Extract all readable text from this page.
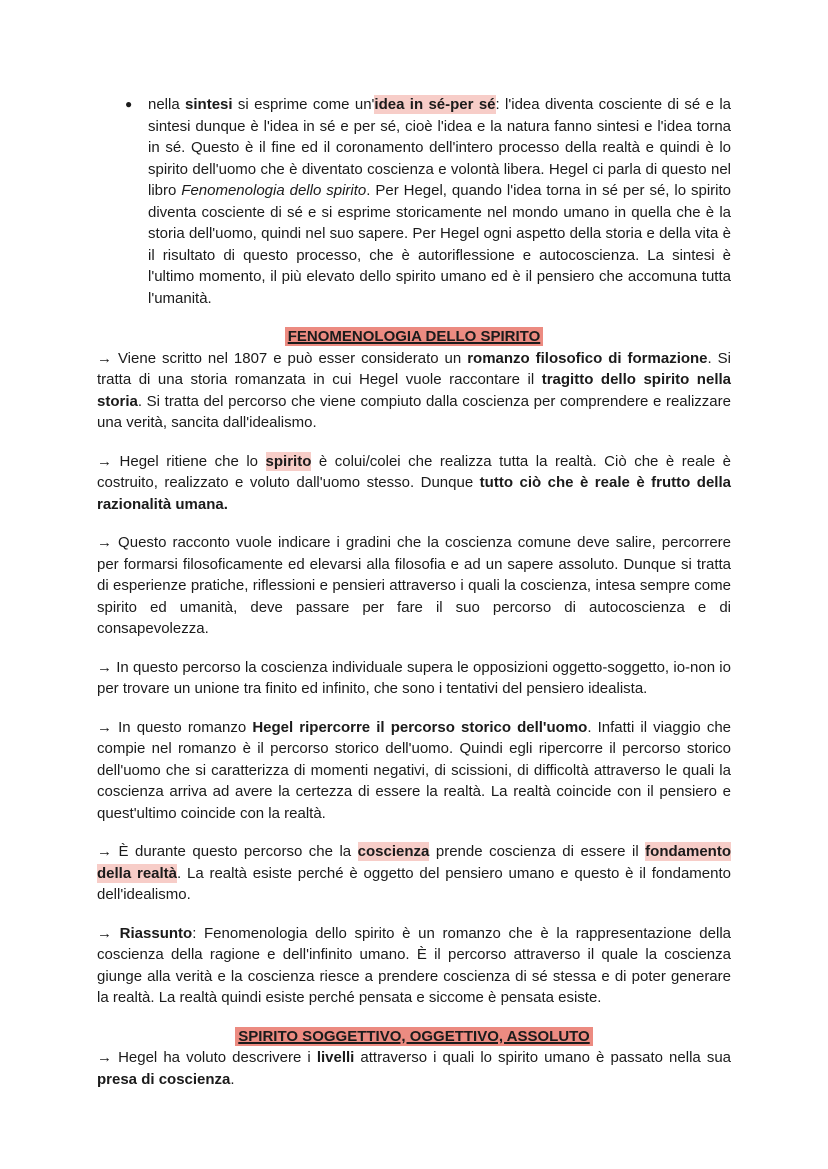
● nella sintesi si esprime come un'idea in sé-per sé: l'idea diventa cosciente di sé e la sintesi dunque è l'idea in sé e per sé, cioè l'idea e la natura fanno sintesi e l'idea torna in sé. Questo è il fine ed il coronamento dell'intero processo della realtà e quindi è lo spirito dell'uomo che è diventato coscienza e volontà libera. Hegel ci parla di questo nel libro Fenomenologia dello spirito. Per Hegel, quando l'idea torna in sé per sé, lo spirito diventa cosciente di sé e si esprime storicamente nel mondo umano in quella che è la storia dell'uomo, quindi nel suo sapere. Per Hegel ogni aspetto della storia e della vita è il risultato di questo processo, che è autoriflessione e autocoscienza. La sintesi è l'ultimo momento, il più elevato dello spirito umano ed è il pensiero che accomuna tutta l'umanità.
FENOMENOLOGIA DELLO SPIRITO
→ Viene scritto nel 1807 e può esser considerato un romanzo filosofico di formazione. Si tratta di una storia romanzata in cui Hegel vuole raccontare il tragitto dello spirito nella storia. Si tratta del percorso che viene compiuto dalla coscienza per comprendere e realizzare una verità, sancita dall'idealismo.
→ Hegel ritiene che lo spirito è colui/colei che realizza tutta la realtà. Ciò che è reale è costruito, realizzato e voluto dall'uomo stesso. Dunque tutto ciò che è reale è frutto della razionalità umana.
→ Questo racconto vuole indicare i gradini che la coscienza comune deve salire, percorrere per formarsi filosoficamente ed elevarsi alla filosofia e ad un sapere assoluto. Dunque si tratta di esperienze pratiche, riflessioni e pensieri attraverso i quali la coscienza, intesa sempre come spirito ed umanità, deve passare per fare il suo percorso di autocoscienza e di consapevolezza.
→ In questo percorso la coscienza individuale supera le opposizioni oggetto-soggetto, io-non io per trovare un unione tra finito ed infinito, che sono i tentativi del pensiero idealista.
→ In questo romanzo Hegel ripercorre il percorso storico dell'uomo. Infatti il viaggio che compie nel romanzo è il percorso storico dell'uomo. Quindi egli ripercorre il percorso storico dell'uomo che si caratterizza di momenti negativi, di scissioni, di difficoltà attraverso le quali la coscienza arriva ad avere la certezza di essere la realtà. La realtà coincide con il pensiero e quest'ultimo coincide con la realtà.
→ È durante questo percorso che la coscienza prende coscienza di essere il fondamento della realtà. La realtà esiste perché è oggetto del pensiero umano e questo è il fondamento dell'idealismo.
→ Riassunto: Fenomenologia dello spirito è un romanzo che è la rappresentazione della coscienza della ragione e dell'infinito umano. È il percorso attraverso il quale la coscienza giunge alla verità e la coscienza riesce a prendere coscienza di sé stessa e di poter generare la realtà. La realtà quindi esiste perché pensata e siccome è pensata esiste.
SPIRITO SOGGETTIVO, OGGETTIVO, ASSOLUTO
→ Hegel ha voluto descrivere i livelli attraverso i quali lo spirito umano è passato nella sua presa di coscienza.
